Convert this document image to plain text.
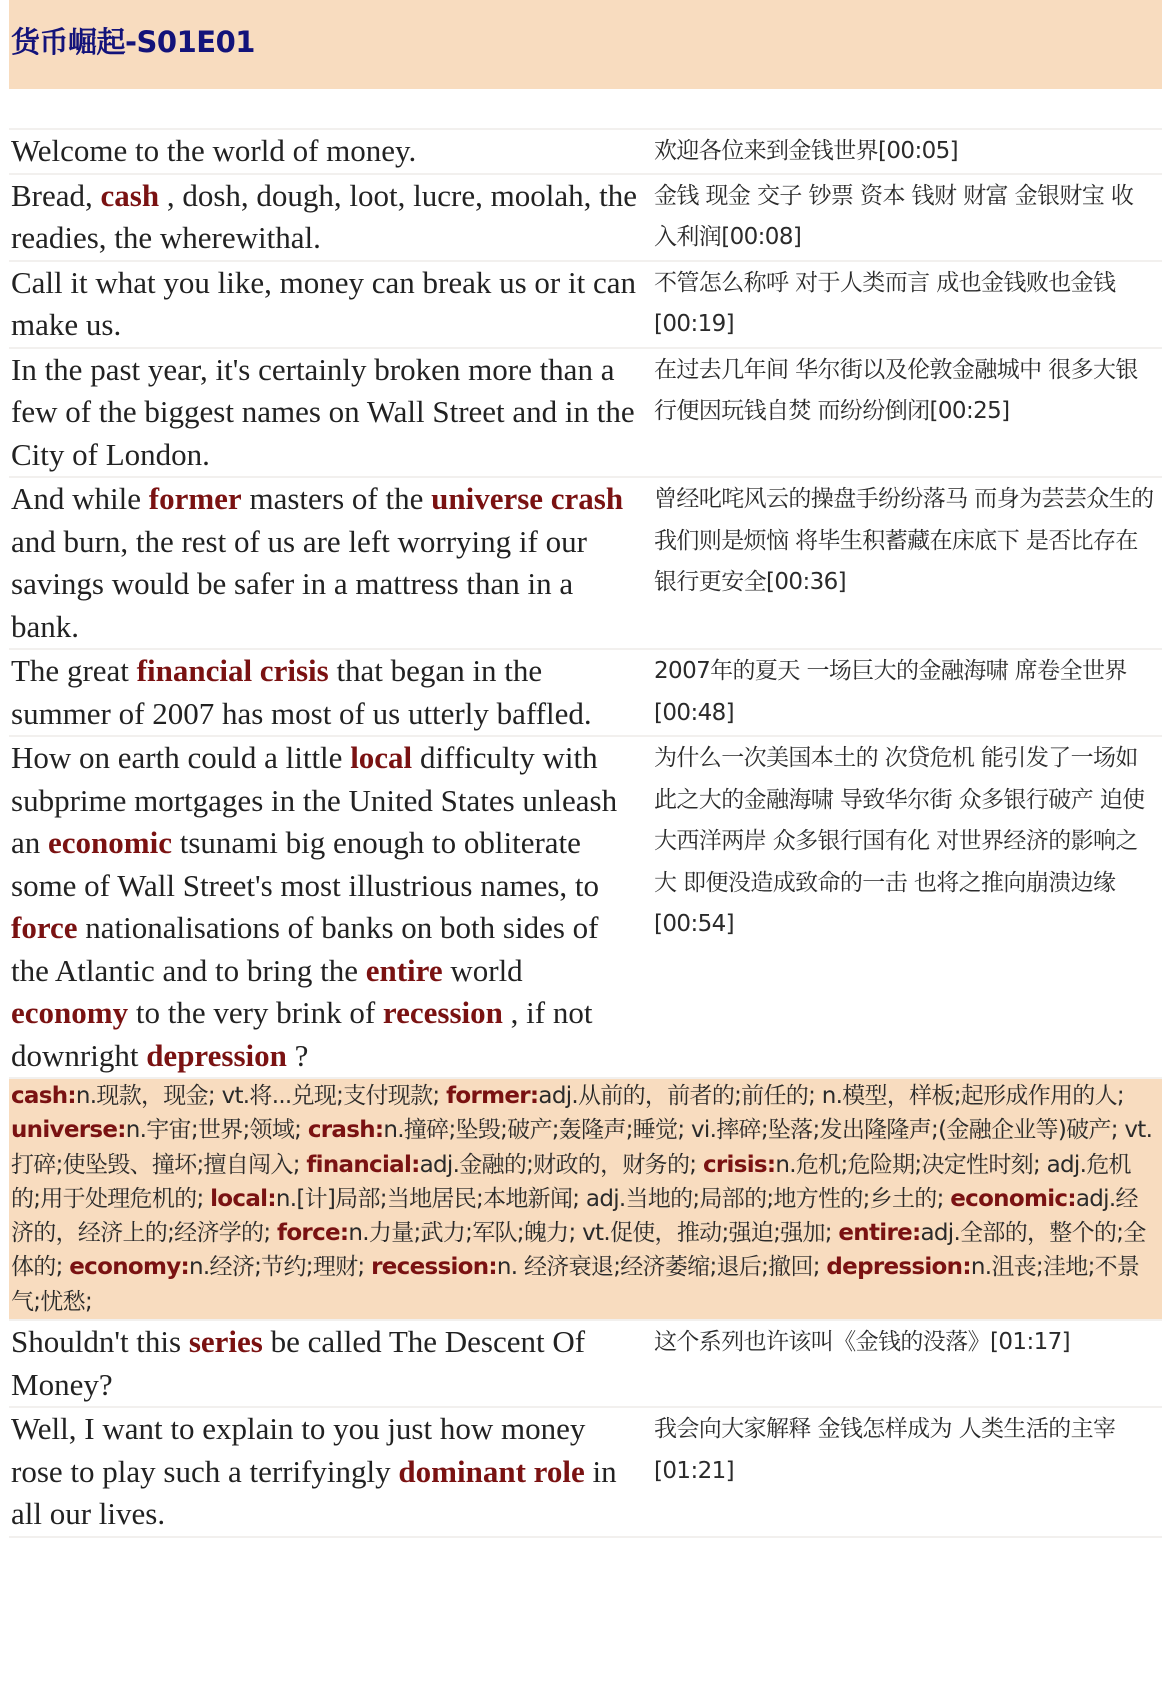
货币崛起-S01E01
Welcome to the world of money.	欢迎各位来到金钱世界[00:05]
Bread, cash , dosh, dough, loot, lucre, moolah, the readies, the wherewithal.
金钱 现金 交子 钞票 资本 钱财 财富 金银财宝 收入利润[00:08]
Call it what you like, money can break us or it can make us.
不管怎么称呼 对于人类而言 成也金钱败也金钱[00:19]
In the past year, it's certainly broken more than a few of the biggest names on Wall Street and in the City of London.
在过去几年间 华尔街以及伦敦金融城中 很多大银行便因玩钱自焚 而纷纷倒闭[00:25]
And while former masters of the universe crash and burn, the rest of us are left worrying if our savings would be safer in a mattress than in a bank.
曾经叱咤风云的操盘手纷纷落马 而身为芸芸众生的我们则是烦恼 将毕生积蓄藏在床底下 是否比存在银行更安全[00:36]
The great financial crisis that began in the summer of 2007 has most of us utterly baffled.
2007年的夏天 一场巨大的金融海啸 席卷全世界[00:48]
How on earth could a little local difficulty with subprime mortgages in the United States unleash an economic tsunami big enough to obliterate some of Wall Street's most illustrious names, to force nationalisations of banks on both sides of the Atlantic and to bring the entire world economy to the very brink of recession , if not downright depression ?
为什么一次美国本土的 次贷危机 能引发了一场如此之大的金融海啸 导致华尔街 众多银行破产 迫使大西洋两岸 众多银行国有化 对世界经济的影响之大 即便没造成致命的一击 也将之推向崩溃边缘[00:54]
cash:n.现款，现金; vt.将...兑现;支付现款; former:adj.从前的，前者的;前任的; n.模型，样板;起形成作用的人; universe:n.宇宙;世界;领域; crash:n.撞碎;坠毁;破产;轰隆声;睡觉; vi.摔碎;坠落;发出隆隆声;(金融企业等)破产; vt.打碎;使坠毁、撞坏;擅自闯入; financial:adj.金融的;财政的，财务的; crisis:n.危机;危险期;决定性时刻; adj.危机的;用于处理危机的; local:n.[计]局部;当地居民;本地新闻; adj.当地的;局部的;地方性的;乡土的; economic:adj.经济的，经济上的;经济学的; force:n.力量;武力;军队;魄力; vt.促使，推动;强迫;强加; entire:adj.全部的，整个的;全体的; economy:n.经济;节约;理财; recession:n. 经济衰退;经济萎缩;退后;撤回; depression:n.沮丧;洼地;不景气;忧愁;
Shouldn't this series be called The Descent Of Money?
这个系列也许该叫《金钱的没落》[01:17]
Well, I want to explain to you just how money rose to play such a terrifyingly dominant role in all our lives.
我会向大家解释 金钱怎样成为 人类生活的主宰[01:21]
